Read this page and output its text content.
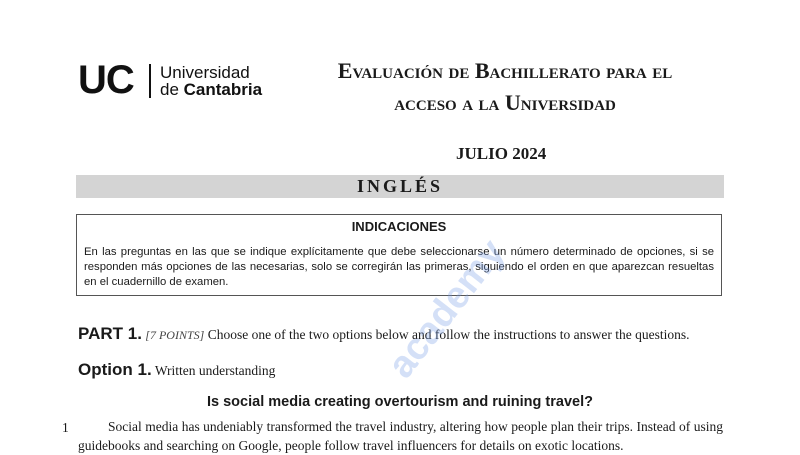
UC Universidad
de Cantabria
Evaluación de Bachillerato para el
acceso a la Universidad
JULIO 2024
INGLÉS
INDICACIONES
En las preguntas en las que se indique explícitamente que debe seleccionarse un número determinado de opciones, si se responden más opciones de las necesarias, solo se corregirán las primeras, siguiendo el orden en que aparezcan resueltas en el cuadernillo de examen.
PART 1. [7 POINTS] Choose one of the two options below and follow the instructions to answer the questions.
Option 1. Written understanding
Is social media creating overtourism and ruining travel?
1	Social media has undeniably transformed the travel industry, altering how people plan their trips. Instead of using guidebooks and searching on Google, people follow travel influencers for details on exotic locations.
academy
